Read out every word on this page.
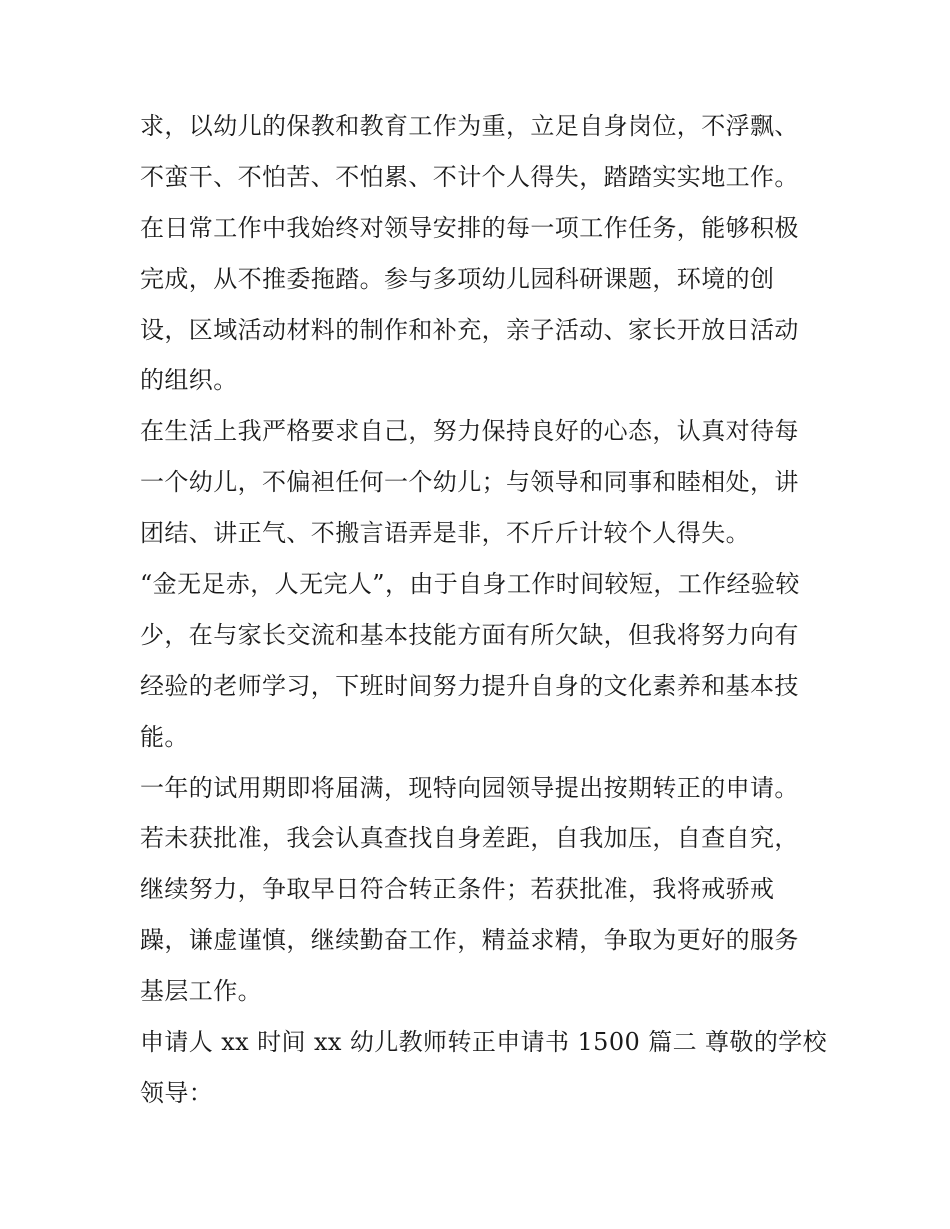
求，以幼儿的保教和教育工作为重，立足自身岗位，不浮飘、
不蛮干、不怕苦、不怕累、不计个人得失，踏踏实实地工作。
在日常工作中我始终对领导安排的每一项工作任务，能够积极
完成，从不推委拖踏。参与多项幼儿园科研课题，环境的创
设，区域活动材料的制作和补充，亲子活动、家长开放日活动
的组织。
在生活上我严格要求自己，努力保持良好的心态，认真对待每
一个幼儿，不偏袒任何一个幼儿；与领导和同事和睦相处，讲
团结、讲正气、不搬言语弄是非，不斤斤计较个人得失。
“金无足赤，人无完人”，由于自身工作时间较短，工作经验较
少，在与家长交流和基本技能方面有所欠缺，但我将努力向有
经验的老师学习，下班时间努力提升自身的文化素养和基本技
能。
一年的试用期即将届满，现特向园领导提出按期转正的申请。
若未获批准，我会认真查找自身差距，自我加压，自查自究，
继续努力，争取早日符合转正条件；若获批准，我将戒骄戒
躁，谦虚谨慎，继续勤奋工作，精益求精，争取为更好的服务
基层工作。
申请人 xx 时间 xx 幼儿教师转正申请书 1500 篇二 尊敬的学校
领导：
